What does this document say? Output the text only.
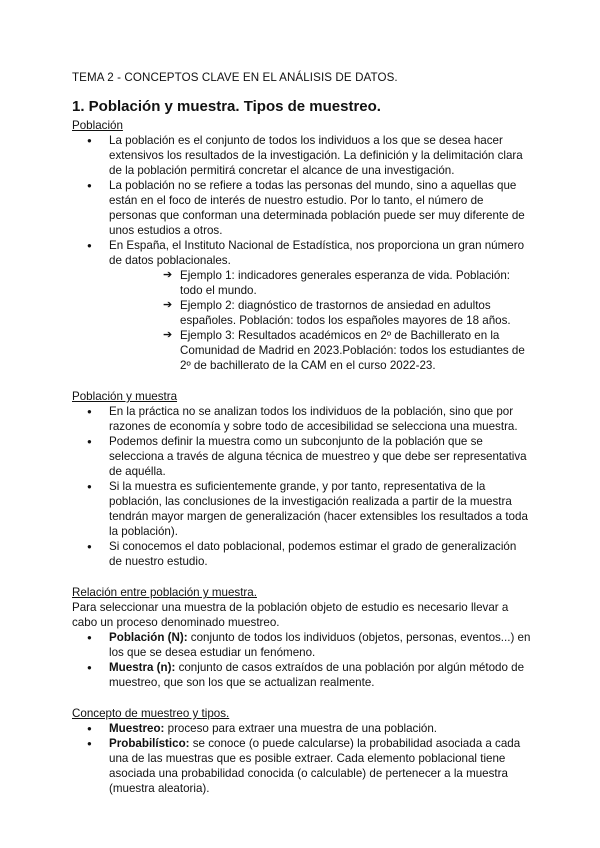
TEMA 2 - CONCEPTOS CLAVE EN EL ANÁLISIS DE DATOS.
1. Población y muestra. Tipos de muestreo.
Población
● La población es el conjunto de todos los individuos a los que se desea hacer extensivos los resultados de la investigación. La definición y la delimitación clara de la población permitirá concretar el alcance de una investigación.
● La población no se refiere a todas las personas del mundo, sino a aquellas que están en el foco de interés de nuestro estudio. Por lo tanto, el número de personas que conforman una determinada población puede ser muy diferente de unos estudios a otros.
● En España, el Instituto Nacional de Estadística, nos proporciona un gran número de datos poblacionales.
➔ Ejemplo 1: indicadores generales esperanza de vida. Población: todo el mundo.
➔ Ejemplo 2: diagnóstico de trastornos de ansiedad en adultos españoles. Población: todos los españoles mayores de 18 años.
➔ Ejemplo 3: Resultados académicos en 2º de Bachillerato en la Comunidad de Madrid en 2023.Población: todos los estudiantes de 2º de bachillerato de la CAM en el curso 2022-23.
Población y muestra
● En la práctica no se analizan todos los individuos de la población, sino que por razones de economía y sobre todo de accesibilidad se selecciona una muestra.
● Podemos definir la muestra como un subconjunto de la población que se selecciona a través de alguna técnica de muestreo y que debe ser representativa de aquélla.
● Si la muestra es suficientemente grande, y por tanto, representativa de la población, las conclusiones de la investigación realizada a partir de la muestra tendrán mayor margen de generalización (hacer extensibles los resultados a toda la población).
● Si conocemos el dato poblacional, podemos estimar el grado de generalización de nuestro estudio.
Relación entre población y muestra.

Para seleccionar una muestra de la población objeto de estudio es necesario llevar a cabo un proceso denominado muestreo.

● Población (N): conjunto de todos los individuos (objetos, personas, eventos...) en los que se desea estudiar un fenómeno.
● Muestra (n): conjunto de casos extraídos de una población por algún método de muestreo, que son los que se actualizan realmente.
Concepto de muestreo y tipos.
● Muestreo: proceso para extraer una muestra de una población.
● Probabilístico: se conoce (o puede calcularse) la probabilidad asociada a cada una de las muestras que es posible extraer. Cada elemento poblacional tiene asociada una probabilidad conocida (o calculable) de pertenecer a la muestra (muestra aleatoria).
